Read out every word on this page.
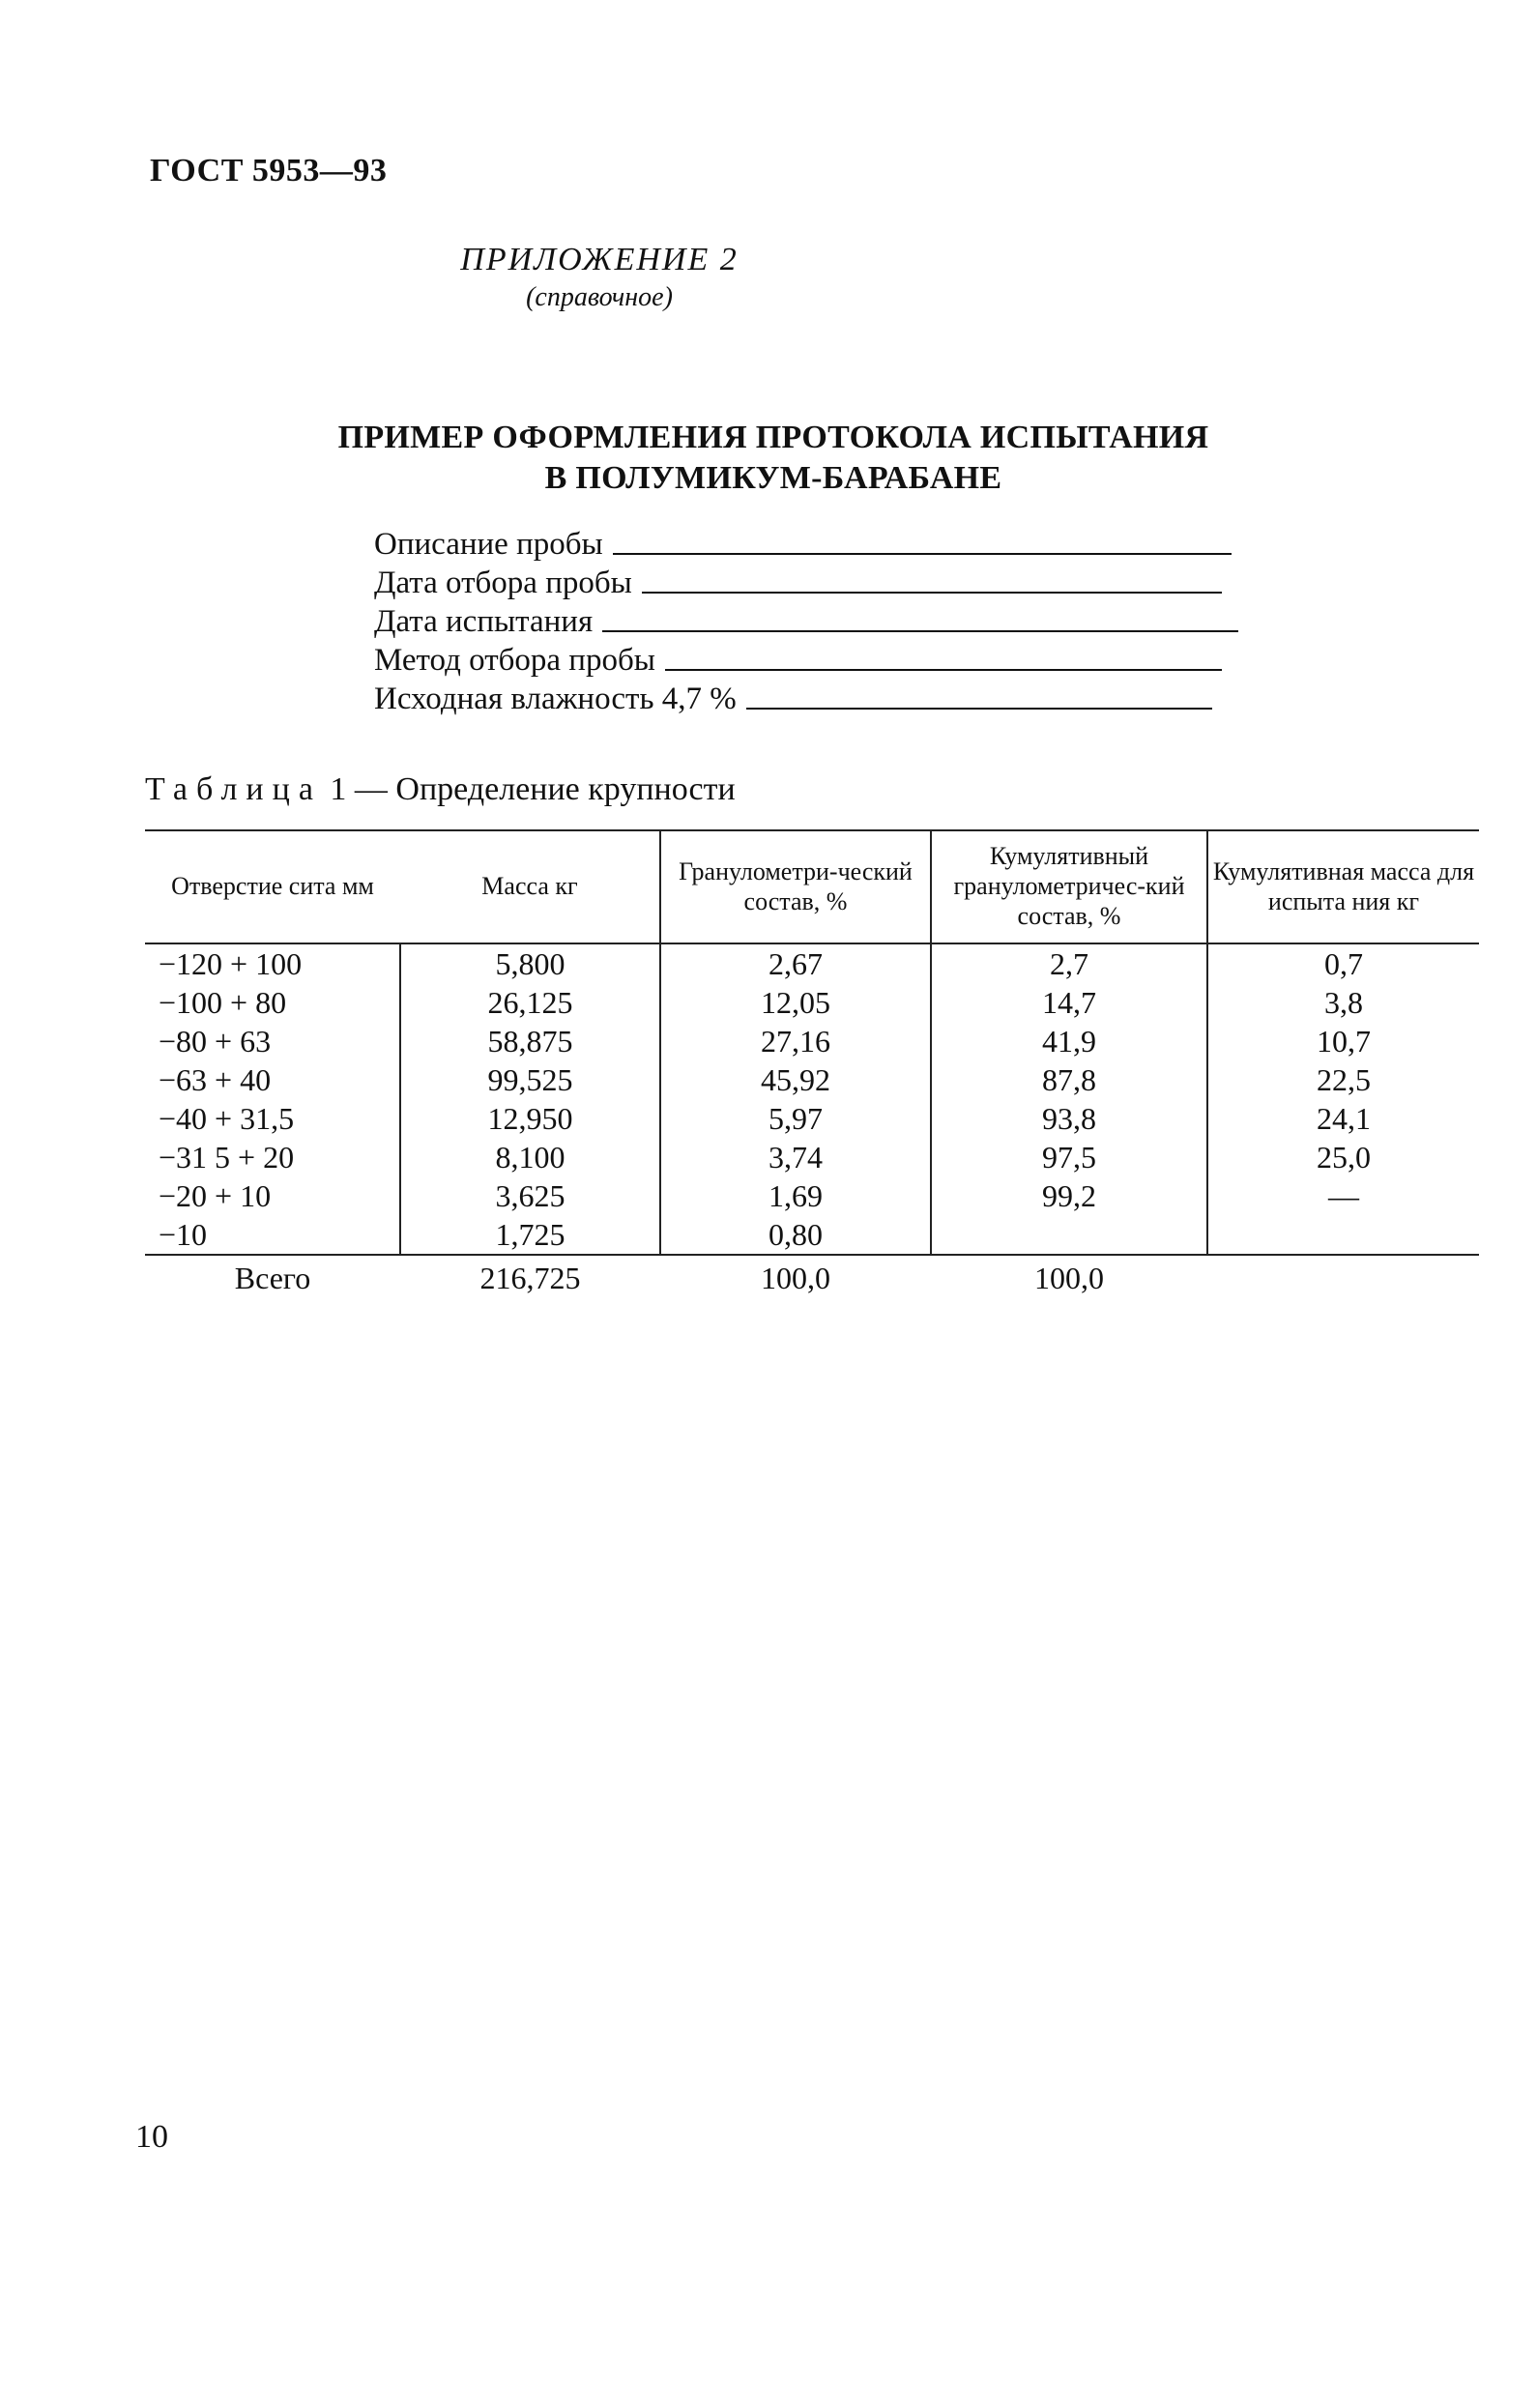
ГОСТ 5953—93
ПРИЛОЖЕНИЕ 2
(справочное)
ПРИМЕР ОФОРМЛЕНИЯ ПРОТОКОЛА ИСПЫТАНИЯ
В ПОЛУМИКУМ-БАРАБАНЕ
Описание пробы
Дата отбора пробы
Дата испытания
Метод отбора пробы
Исходная влажность 4,7 %
Таблица 1 — Определение крупности
Отверстие сита мм	Масса кг	Гранулометри-ческий состав, %	Кумулятивный гранулометричес-кий состав, %	Кумулятивная масса для испыта ния кг
−120 + 100	5,800	2,67	2,7	0,7
−100 + 80	26,125	12,05	14,7	3,8
−80 + 63	58,875	27,16	41,9	10,7
−63 + 40	99,525	45,92	87,8	22,5
−40 + 31,5	12,950	5,97	93,8	24,1
−31 5 + 20	8,100	3,74	97,5	25,0
−20 + 10	3,625	1,69	99,2	—
−10	1,725	0,80		
Всего	216,725	100,0	100,0	
10
